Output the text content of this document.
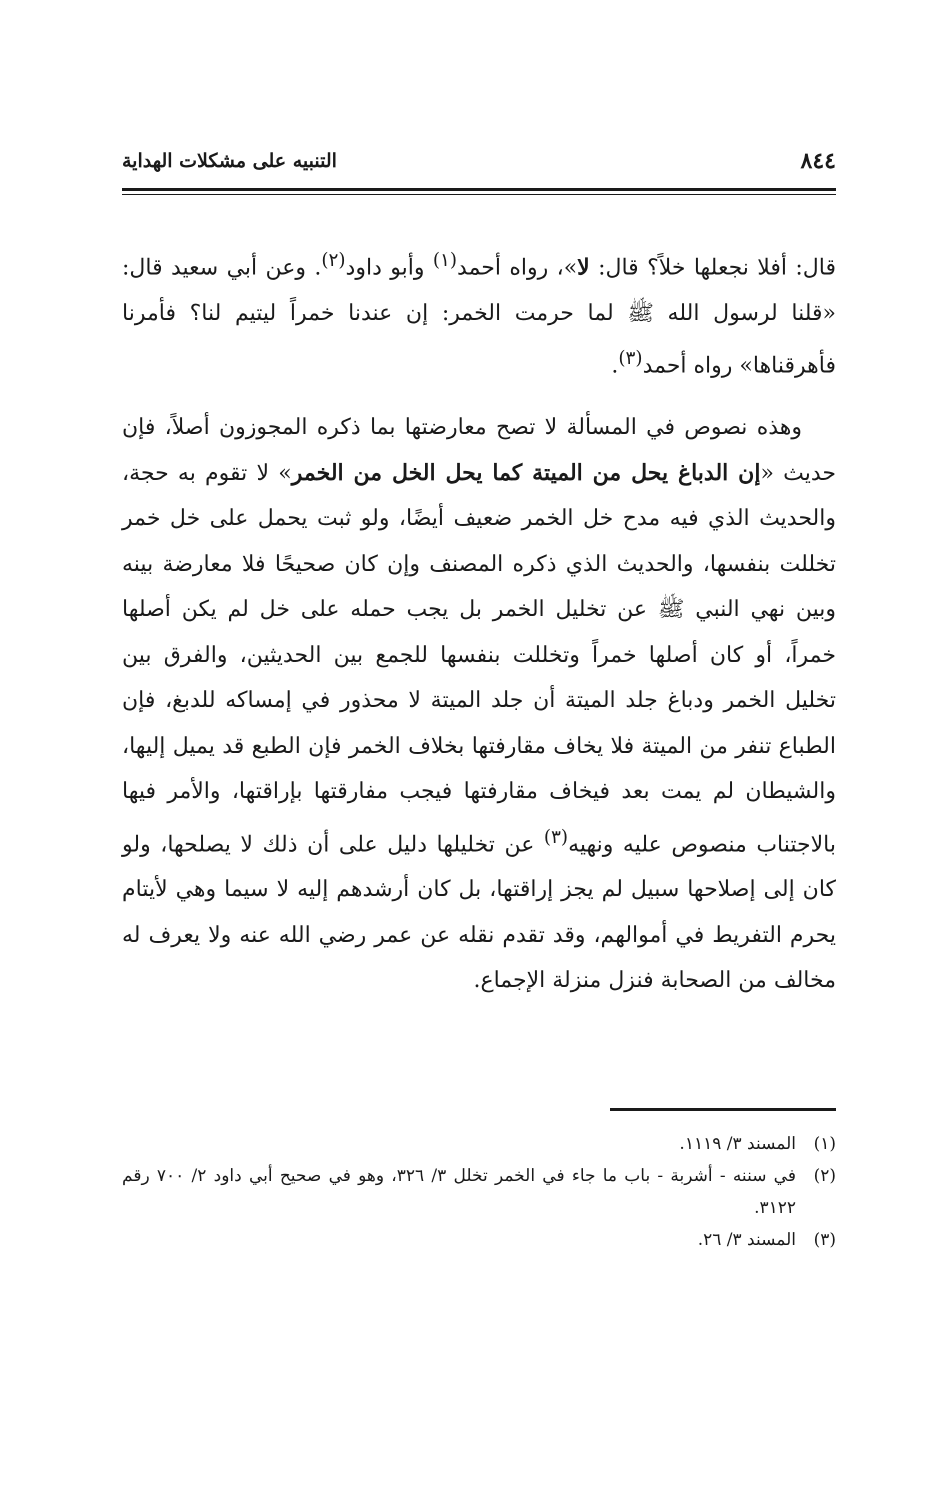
٨٤٤
التنبيه على مشكلات الهداية

قال: أفلا نجعلها خلاً؟ قال: لا»، رواه أحمد$^{(١)}$ وأبو داود$^{(٢)}$. وعن أبي سعيد قال: «قلنا لرسول الله ﷺ لما حرمت الخمر: إن عندنا خمراً ليتيم لنا؟ فأمرنا فأهرقناها» رواه أحمد$^{(٣)}$.

وهذه نصوص في المسألة لا تصح معارضتها بما ذكره المجوزون أصلاً، فإن حديث «إن الدباغ يحل من الميتة كما يحل الخل من الخمر» لا تقوم به حجة، والحديث الذي فيه مدح خل الخمر ضعيف أيضًا، ولو ثبت يحمل على خل خمر تخللت بنفسها، والحديث الذي ذكره المصنف وإن كان صحيحًا فلا معارضة بينه وبين نهي النبي ﷺ عن تخليل الخمر بل يجب حمله على خل لم يكن أصلها خمراً، أو كان أصلها خمراً وتخللت بنفسها للجمع بين الحديثين، والفرق بين تخليل الخمر ودباغ جلد الميتة أن جلد الميتة لا محذور في إمساكه للدبغ، فإن الطباع تنفر من الميتة فلا يخاف مقارفتها بخلاف الخمر فإن الطبع قد يميل إليها، والشيطان لم يمت بعد فيخاف مقارفتها فيجب مفارقتها بإراقتها، والأمر فيها بالاجتناب منصوص عليه ونهيه$^{(٣)}$ عن تخليلها دليل على أن ذلك لا يصلحها، ولو كان إلى إصلاحها سبيل لم يجز إراقتها، بل كان أرشدهم إليه لا سيما وهي لأيتام يحرم التفريط في أموالهم، وقد تقدم نقله عن عمر رضي الله عنه ولا يعرف له مخالف من الصحابة فنزل منزلة الإجماع.

(١)
المسند ٣/ ١١١٩.
(٢)
في سننه - أشربة - باب ما جاء في الخمر تخلل ٣/ ٣٢٦، وهو في صحيح أبي داود ٢/ ٧٠٠ رقم ٣١٢٢.
(٣)
المسند ٣/ ٢٦.
